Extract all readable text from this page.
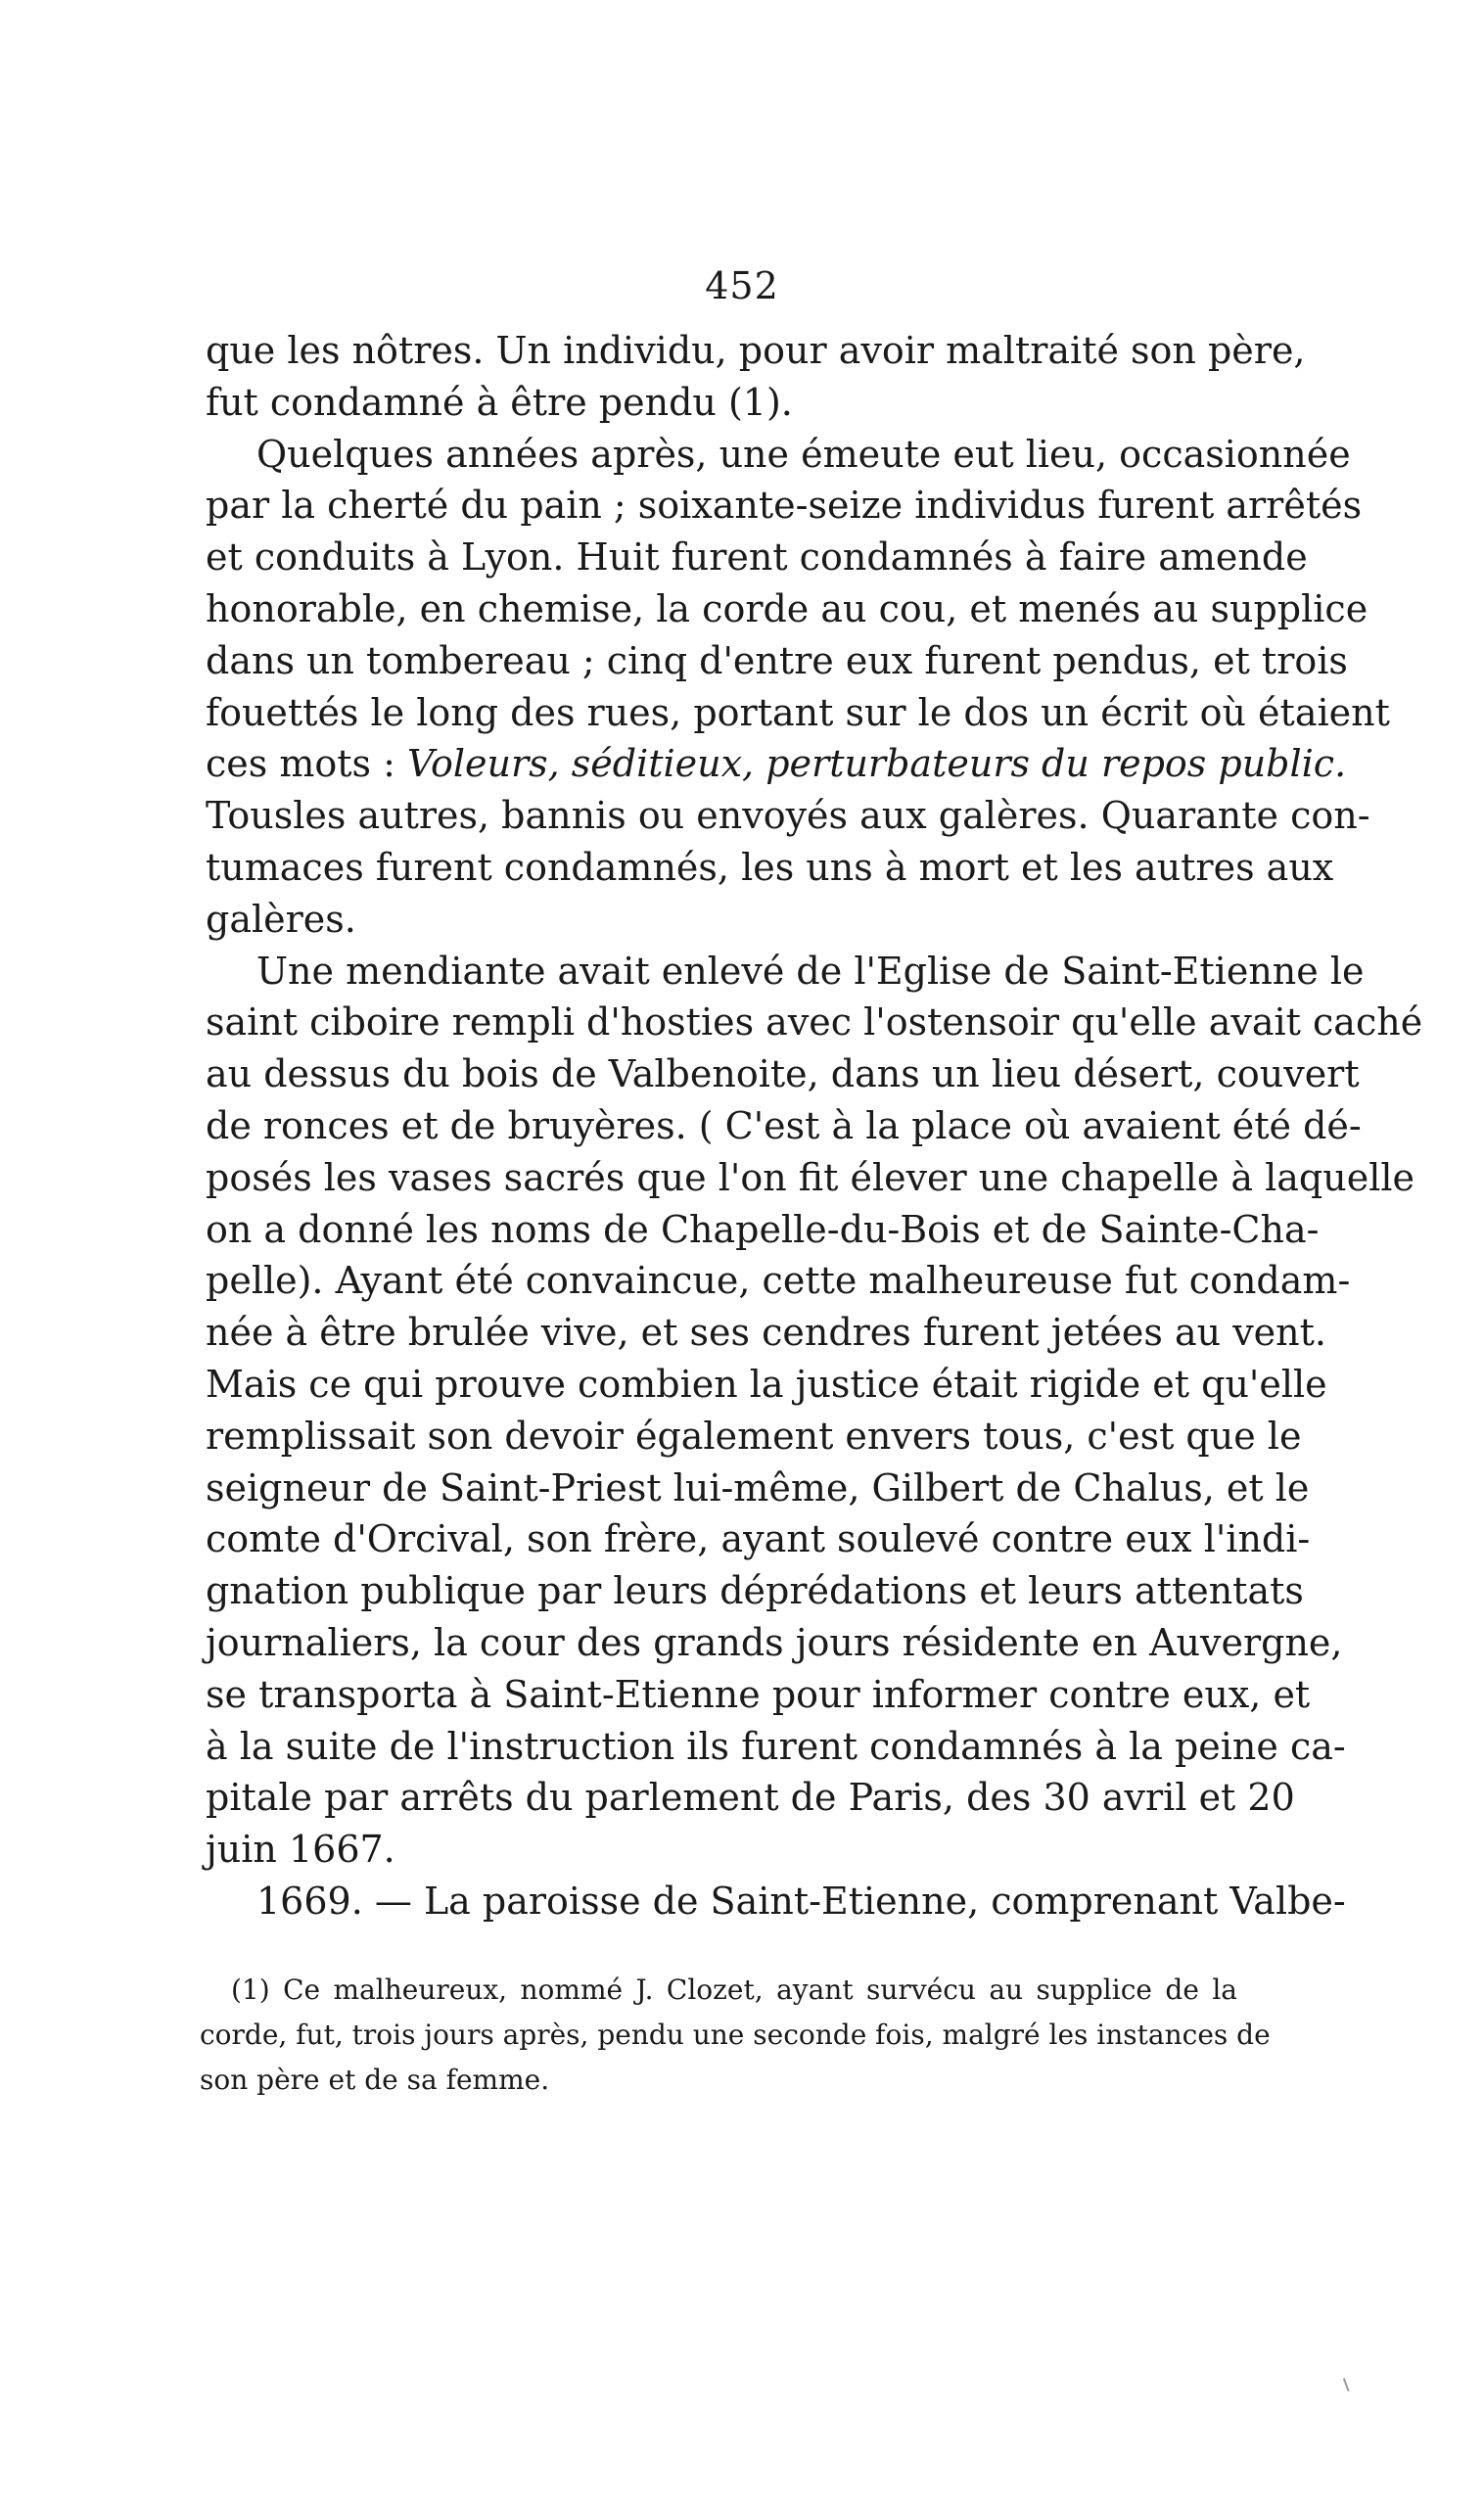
452
que les nôtres. Un individu, pour avoir maltraité son père,
fut condamné à être pendu (1).
Quelques années après, une émeute eut lieu, occasionnée
par la cherté du pain ; soixante-seize individus furent arrêtés
et conduits à Lyon. Huit furent condamnés à faire amende
honorable, en chemise, la corde au cou, et menés au supplice
dans un tombereau ; cinq d'entre eux furent pendus, et trois
fouettés le long des rues, portant sur le dos un écrit où étaient
ces mots : Voleurs, séditieux, perturbateurs du repos public.
Tousles autres, bannis ou envoyés aux galères. Quarante con-
tumaces furent condamnés, les uns à mort et les autres aux
galères.
Une mendiante avait enlevé de l'Eglise de Saint-Etienne le
saint ciboire rempli d'hosties avec l'ostensoir qu'elle avait caché
au dessus du bois de Valbenoite, dans un lieu désert, couvert
de ronces et de bruyères. ( C'est à la place où avaient été dé-
posés les vases sacrés que l'on fit élever une chapelle à laquelle
on a donné les noms de Chapelle-du-Bois et de Sainte-Cha-
pelle). Ayant été convaincue, cette malheureuse fut condam-
née à être brulée vive, et ses cendres furent jetées au vent.
Mais ce qui prouve combien la justice était rigide et qu'elle
remplissait son devoir également envers tous, c'est que le
seigneur de Saint-Priest lui-même, Gilbert de Chalus, et le
comte d'Orcival, son frère, ayant soulevé contre eux l'indi-
gnation publique par leurs déprédations et leurs attentats
journaliers, la cour des grands jours résidente en Auvergne,
se transporta à Saint-Etienne pour informer contre eux, et
à la suite de l'instruction ils furent condamnés à la peine ca-
pitale par arrêts du parlement de Paris, des 30 avril et 20
juin 1667.
1669. — La paroisse de Saint-Etienne, comprenant Valbe-
(1) Ce malheureux, nommé J. Clozet, ayant survécu au supplice de la
corde, fut, trois jours après, pendu une seconde fois, malgré les instances de
son père et de sa femme.
